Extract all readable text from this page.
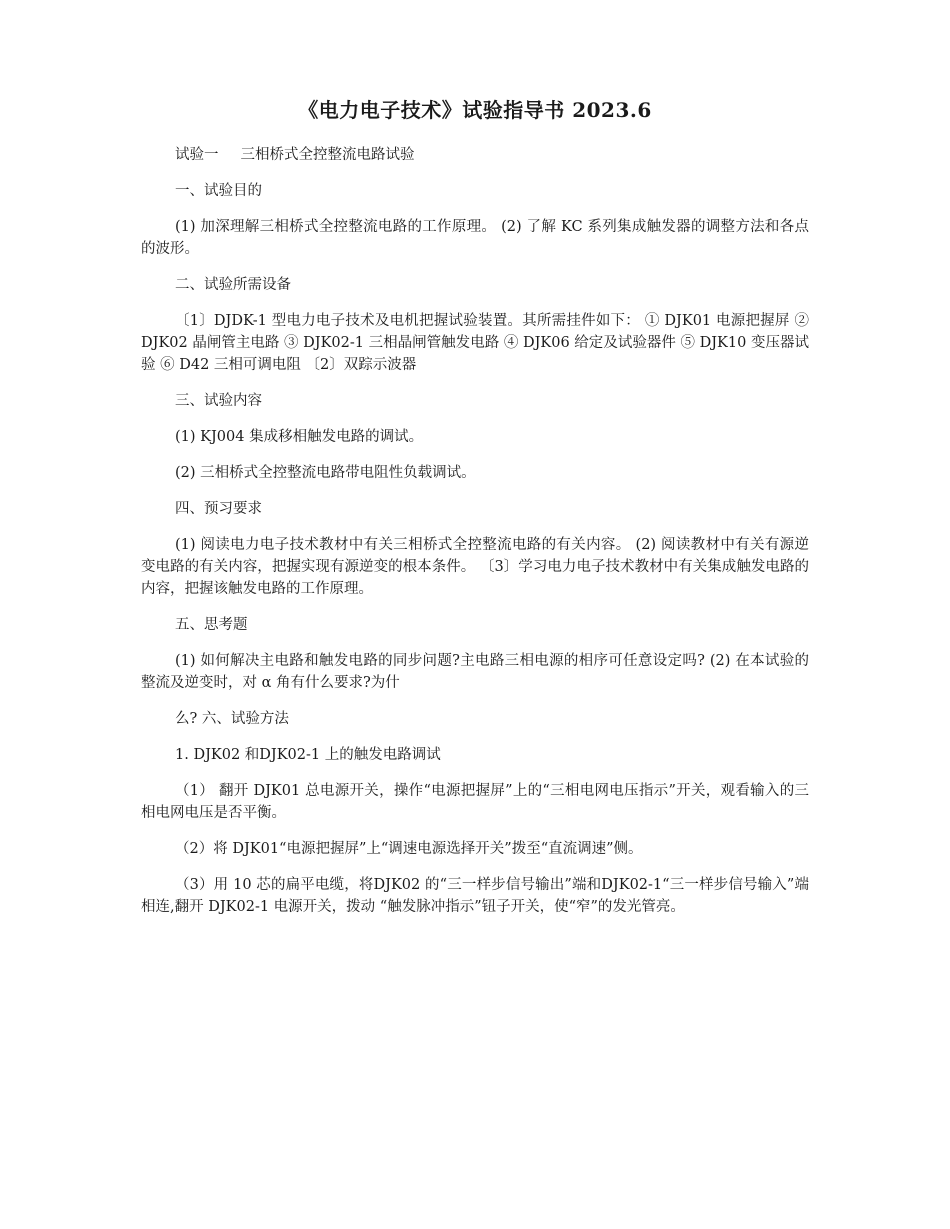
《电力电子技术》试验指导书 2023.6

试验一 三相桥式全控整流电路试验

一、试验目的

(1) 加深理解三相桥式全控整流电路的工作原理。 (2) 了解 KC 系列集成触发器的调整方法和各点的波形。

二、试验所需设备

〔1〕DJDK-1 型电力电子技术及电机把握试验装置。其所需挂件如下： ① DJK01 电源把握屏 ② DJK02 晶闸管主电路 ③ DJK02-1 三相晶闸管触发电路 ④ DJK06 给定及试验器件 ⑤ DJK10 变压器试验 ⑥ D42 三相可调电阻 〔2〕双踪示波器

三、试验内容

(1) KJ004 集成移相触发电路的调试。

(2) 三相桥式全控整流电路带电阻性负载调试。

四、预习要求

(1) 阅读电力电子技术教材中有关三相桥式全控整流电路的有关内容。 (2) 阅读教材中有关有源逆变电路的有关内容，把握实现有源逆变的根本条件。 〔3〕学习电力电子技术教材中有关集成触发电路的内容，把握该触发电路的工作原理。

五、思考题

(1) 如何解决主电路和触发电路的同步问题?主电路三相电源的相序可任意设定吗? (2) 在本试验的整流及逆变时，对 α 角有什么要求?为什

么? 六、试验方法

1. DJK02 和DJK02-1 上的触发电路调试

（1） 翻开 DJK01 总电源开关，操作“电源把握屏”上的“三相电网电压指示”开关，观看输入的三相电网电压是否平衡。

（2）将 DJK01“电源把握屏”上“调速电源选择开关”拨至“直流调速”侧。

（3）用 10 芯的扁平电缆，将DJK02 的“三一样步信号输出”端和DJK02-1“三一样步信号输入”端相连,翻开 DJK02-1 电源开关，拨动 “触发脉冲指示”钮子开关，使“窄”的发光管亮。
